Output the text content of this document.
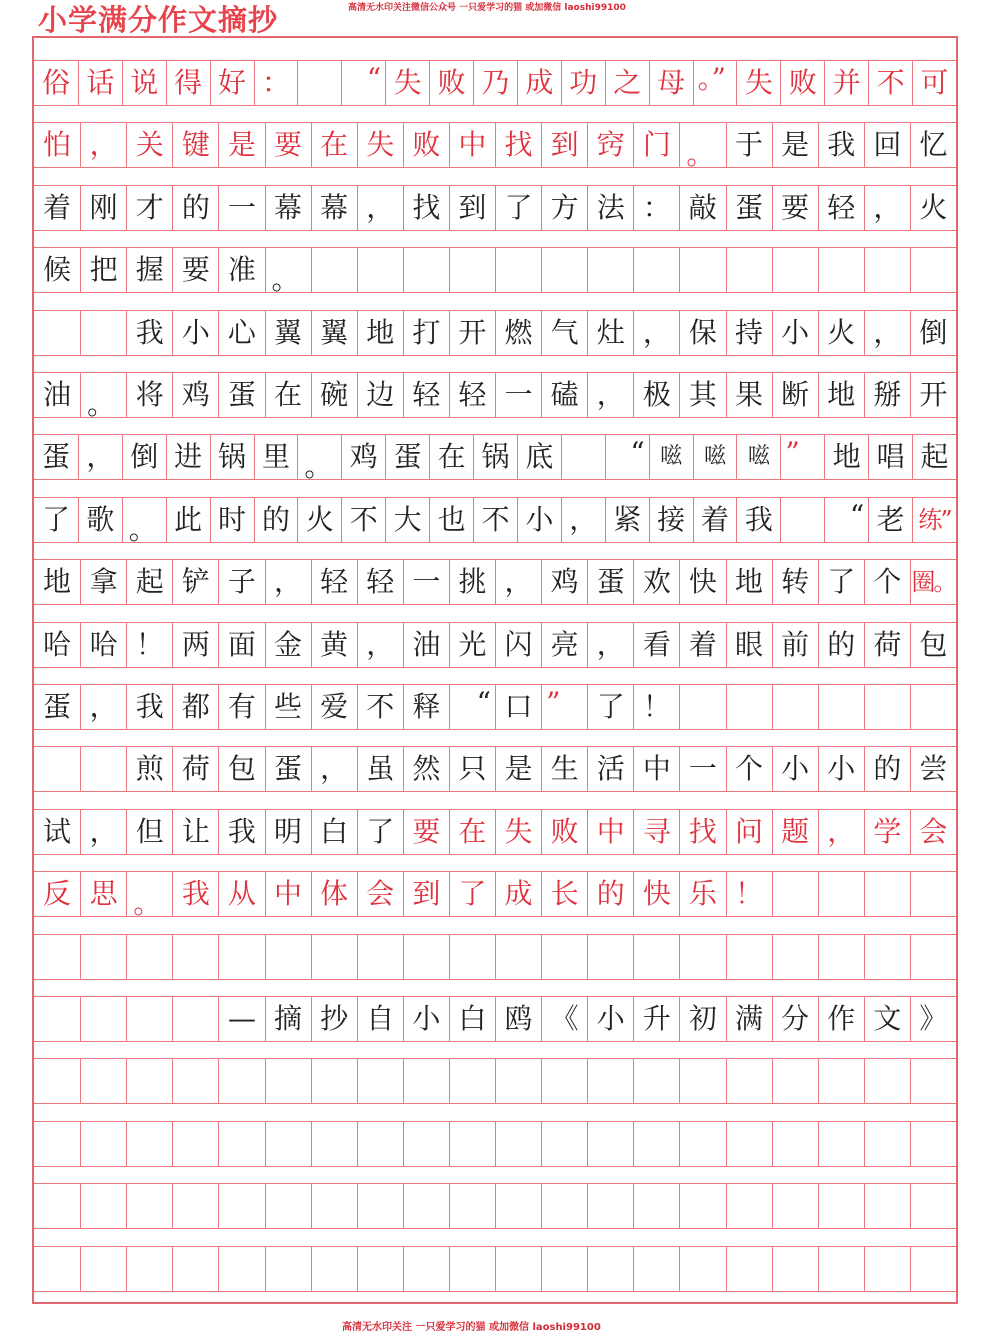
小学满分作文摘抄	高清无水印关注微信公众号 一只爱学习的猫 或加微信 laoshi99100
俗 话 说 得 好 ：	“ 失 败 乃 成 功 之 母 。” 失 败 并 不 可
怕 ， 关 键 是 要 在 失 败 中 找 到 窍 门 。 于 是 我 回 忆
着 刚 才 的 一 幕 幕 ， 找 到 了 方 法 ： 敲 蛋 要 轻 ， 火
候 把 握 要 准 。
我 小 心 翼 翼 地 打 开 燃 气 灶 ， 保 持 小 火 ， 倒
油 。 将 鸡 蛋 在 碗 边 轻 轻 一 磕 ， 极 其 果 断 地 掰 开
蛋 ， 倒 进 锅 里 。 鸡 蛋 在 锅 底	“ 嗞 嗞 嗞 ”	地 唱 起
了 歌 。 此 时 的 火 不 大 也 不 小 ， 紧 接 着 我	“ 老 练”
地 拿 起 铲 子 ， 轻 轻 一 挑 ， 鸡 蛋 欢 快 地 转 了 个 圈。
哈 哈 ！ 两 面 金 黄 ， 油 光 闪 亮 ， 看 着 眼 前 的 荷 包
蛋 ， 我 都 有 些 爱 不 释	“ 口 ”	了 ！
煎 荷 包 蛋 ， 虽 然 只 是 生 活 中 一 个 小 小 的 尝
试 ， 但 让 我 明 白 了 要 在 失 败 中 寻 找 问 题 ， 学 会
反 思 。 我 从 中 体 会 到 了 成 长 的 快 乐 ！
— 摘 抄 自 小 白 鸥 《 小 升 初 满 分 作 文 》
高清无水印关注 一只爱学习的猫 或加微信 laoshi99100
